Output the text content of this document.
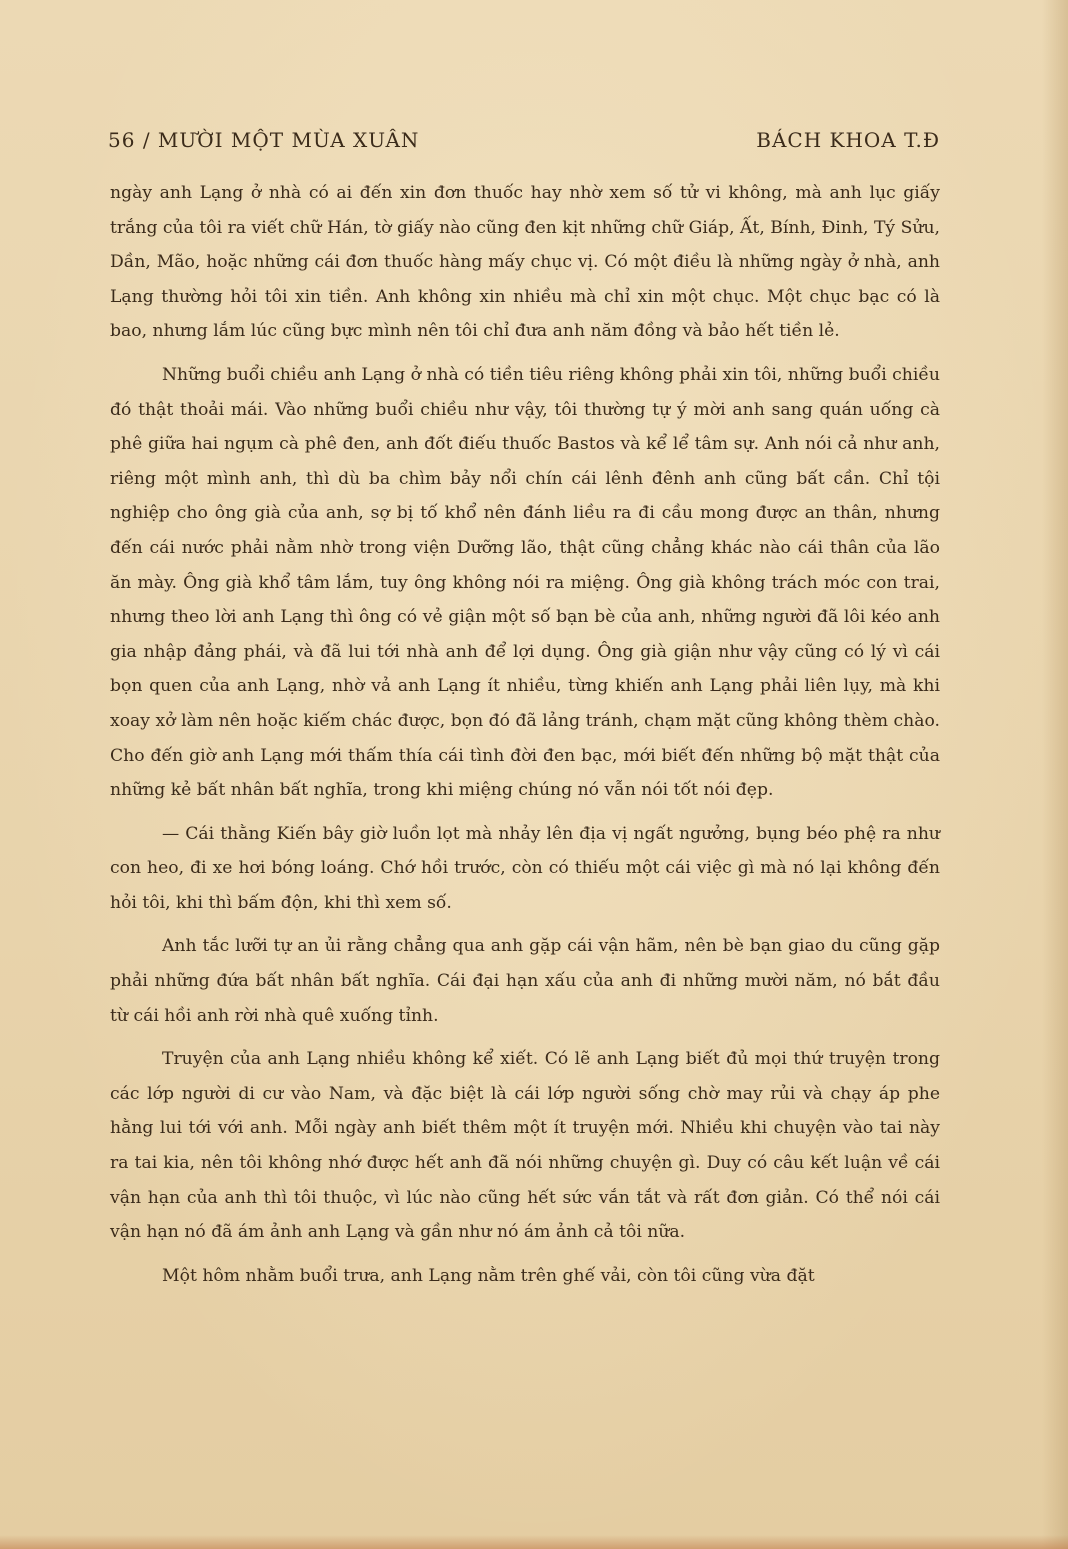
56 / MƯỜI MỘT MÙA XUÂN	BÁCH KHOA T.Đ

ngày anh Lạng ở nhà có ai đến xin đơn thuốc hay nhờ xem số tử vi không, mà anh lục giấy trắng của tôi ra viết chữ Hán, tờ giấy nào cũng đen kịt những chữ Giáp, Ất, Bính, Đinh, Tý Sửu, Dần, Mão, hoặc những cái đơn thuốc hàng mấy chục vị. Có một điều là những ngày ở nhà, anh Lạng thường hỏi tôi xin tiền. Anh không xin nhiều mà chỉ xin một chục. Một chục bạc có là bao, nhưng lắm lúc cũng bực mình nên tôi chỉ đưa anh năm đồng và bảo hết tiền lẻ.

Những buổi chiều anh Lạng ở nhà có tiền tiêu riêng không phải xin tôi, những buổi chiều đó thật thoải mái. Vào những buổi chiều như vậy, tôi thường tự ý mời anh sang quán uống cà phê giữa hai ngụm cà phê đen, anh đốt điếu thuốc Bastos và kể lể tâm sự. Anh nói cả như anh, riêng một mình anh, thì dù ba chìm bảy nổi chín cái lênh đênh anh cũng bất cần. Chỉ tội nghiệp cho ông già của anh, sợ bị tố khổ nên đánh liều ra đi cầu mong được an thân, nhưng đến cái nước phải nằm nhờ trong viện Dưỡng lão, thật cũng chẳng khác nào cái thân của lão ăn mày. Ông già khổ tâm lắm, tuy ông không nói ra miệng. Ông già không trách móc con trai, nhưng theo lời anh Lạng thì ông có vẻ giận một số bạn bè của anh, những người đã lôi kéo anh gia nhập đảng phái, và đã lui tới nhà anh để lợi dụng. Ông già giận như vậy cũng có lý vì cái bọn quen của anh Lạng, nhờ vả anh Lạng ít nhiều, từng khiến anh Lạng phải liên lụy, mà khi xoay xở làm nên hoặc kiếm chác được, bọn đó đã lảng tránh, chạm mặt cũng không thèm chào. Cho đến giờ anh Lạng mới thấm thía cái tình đời đen bạc, mới biết đến những bộ mặt thật của những kẻ bất nhân bất nghĩa, trong khi miệng chúng nó vẫn nói tốt nói đẹp.

— Cái thằng Kiến bây giờ luồn lọt mà nhảy lên địa vị ngất ngưởng, bụng béo phệ ra như con heo, đi xe hơi bóng loáng. Chớ hồi trước, còn có thiếu một cái việc gì mà nó lại không đến hỏi tôi, khi thì bấm độn, khi thì xem số.

Anh tắc lưỡi tự an ủi rằng chẳng qua anh gặp cái vận hãm, nên bè bạn giao du cũng gặp phải những đứa bất nhân bất nghĩa. Cái đại hạn xấu của anh đi những mười năm, nó bắt đầu từ cái hồi anh rời nhà quê xuống tỉnh.

Truyện của anh Lạng nhiều không kể xiết. Có lẽ anh Lạng biết đủ mọi thứ truyện trong các lớp người di cư vào Nam, và đặc biệt là cái lớp người sống chờ may rủi và chạy áp phe hằng lui tới với anh. Mỗi ngày anh biết thêm một ít truyện mới. Nhiều khi chuyện vào tai này ra tai kia, nên tôi không nhớ được hết anh đã nói những chuyện gì. Duy có câu kết luận về cái vận hạn của anh thì tôi thuộc, vì lúc nào cũng hết sức vắn tắt và rất đơn giản. Có thể nói cái vận hạn nó đã ám ảnh anh Lạng và gần như nó ám ảnh cả tôi nữa.

Một hôm nhằm buổi trưa, anh Lạng nằm trên ghế vải, còn tôi cũng vừa đặt
